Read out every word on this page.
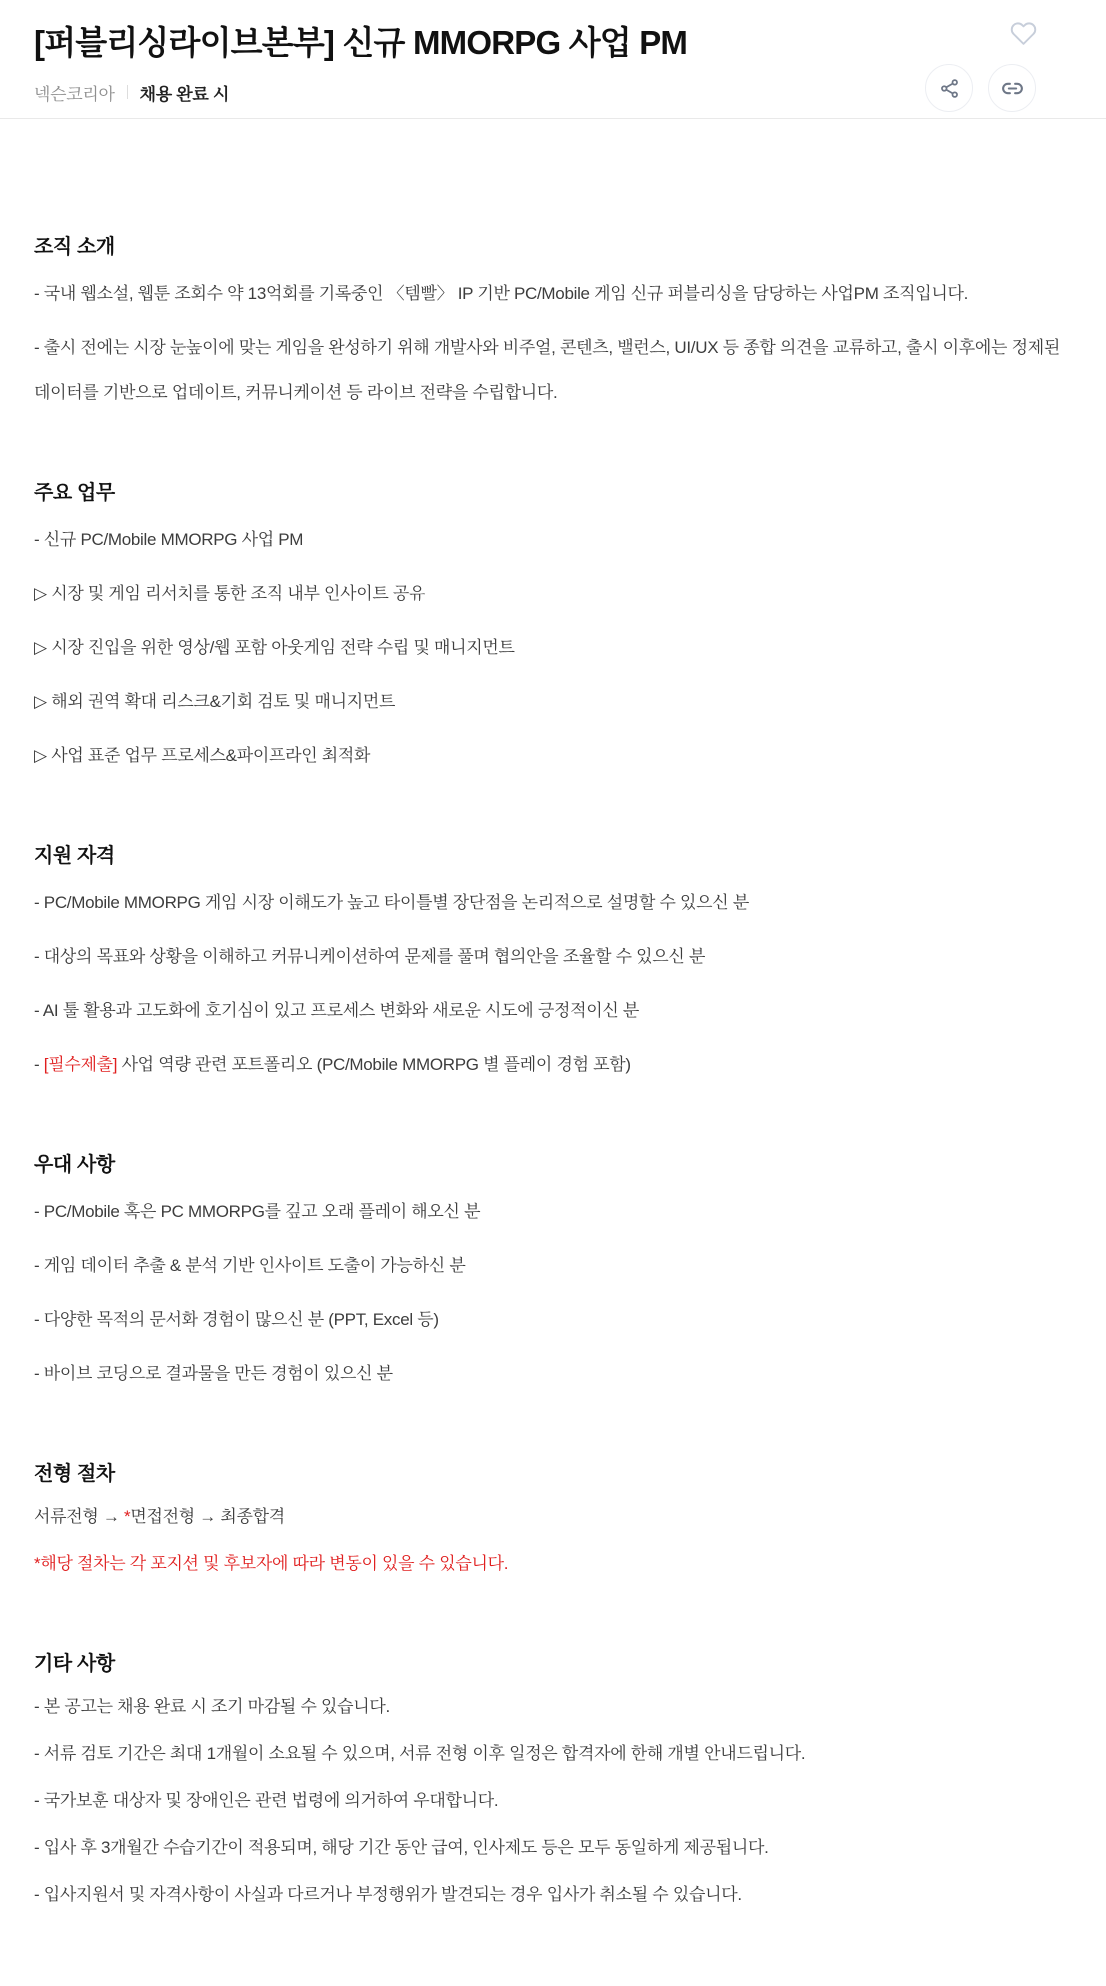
[퍼블리싱라이브본부] 신규 MMORPG 사업 PM
넥슨코리아 채용 완료 시
조직 소개

- 국내 웹소설, 웹툰 조회수 약 13억회를 기록중인 〈템빨〉 IP 기반 PC/Mobile 게임 신규 퍼블리싱을 담당하는 사업PM 조직입니다.

- 출시 전에는 시장 눈높이에 맞는 게임을 완성하기 위해 개발사와 비주얼, 콘텐츠, 밸런스, UI/UX 등 종합 의견을 교류하고, 출시 이후에는 정제된 데이터를 기반으로 업데이트, 커뮤니케이션 등 라이브 전략을 수립합니다.

주요 업무

- 신규 PC/Mobile MMORPG 사업 PM

▷ 시장 및 게임 리서치를 통한 조직 내부 인사이트 공유

▷ 시장 진입을 위한 영상/웹 포함 아웃게임 전략 수립 및 매니지먼트

▷ 해외 권역 확대 리스크&기회 검토 및 매니지먼트

▷ 사업 표준 업무 프로세스&파이프라인 최적화

지원 자격

- PC/Mobile MMORPG 게임 시장 이해도가 높고 타이틀별 장단점을 논리적으로 설명할 수 있으신 분

- 대상의 목표와 상황을 이해하고 커뮤니케이션하여 문제를 풀며 협의안을 조율할 수 있으신 분

- AI 툴 활용과 고도화에 호기심이 있고 프로세스 변화와 새로운 시도에 긍정적이신 분

- [필수제출] 사업 역량 관련 포트폴리오 (PC/Mobile MMORPG 별 플레이 경험 포함)

우대 사항

- PC/Mobile 혹은 PC MMORPG를 깊고 오래 플레이 해오신 분

- 게임 데이터 추출 & 분석 기반 인사이트 도출이 가능하신 분

- 다양한 목적의 문서화 경험이 많으신 분 (PPT, Excel 등)

- 바이브 코딩으로 결과물을 만든 경험이 있으신 분

전형 절차

서류전형 → *면접전형 → 최종합격

*해당 절차는 각 포지션 및 후보자에 따라 변동이 있을 수 있습니다.

기타 사항

- 본 공고는 채용 완료 시 조기 마감될 수 있습니다.

- 서류 검토 기간은 최대 1개월이 소요될 수 있으며, 서류 전형 이후 일정은 합격자에 한해 개별 안내드립니다.

- 국가보훈 대상자 및 장애인은 관련 법령에 의거하여 우대합니다.

- 입사 후 3개월간 수습기간이 적용되며, 해당 기간 동안 급여, 인사제도 등은 모두 동일하게 제공됩니다.

- 입사지원서 및 자격사항이 사실과 다르거나 부정행위가 발견되는 경우 입사가 취소될 수 있습니다.
